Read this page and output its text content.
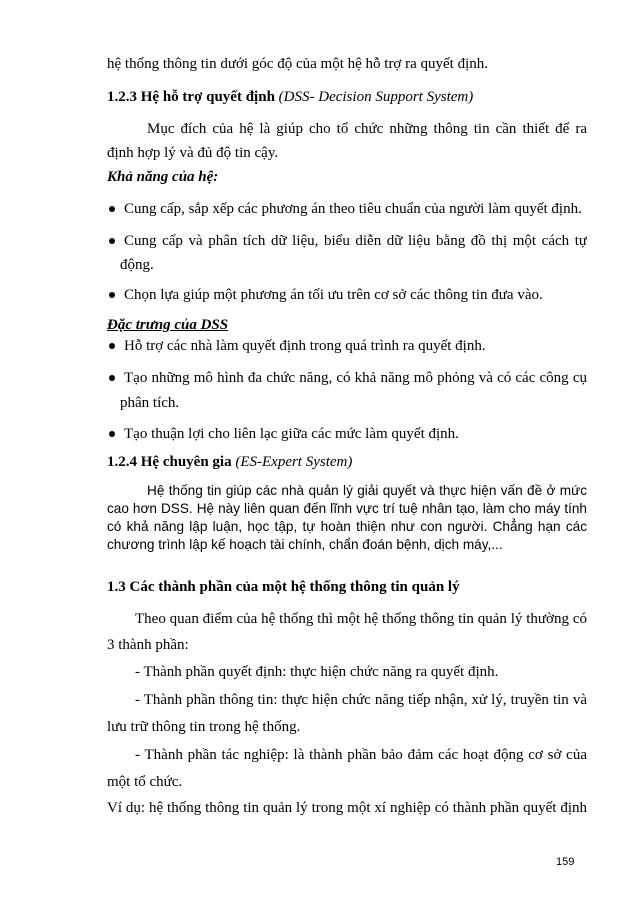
hệ thống thông tin dưới góc độ của một hệ hỗ trợ ra quyết định.
1.2.3 Hệ hỗ trợ quyết định (DSS- Decision Support System)
Mục đích của hệ là giúp cho tổ chức những thông tin cần thiết để ra
định hợp lý và đủ độ tin cậy.
Khả năng của hệ:
Cung cấp, sắp xếp các phương án theo tiêu chuẩn của người làm quyết định.
Cung cấp và phân tích dữ liệu, biểu diễn dữ liệu bằng đồ thị một cách tự
động.
Chọn lựa giúp một phương án tối ưu trên cơ sở các thông tin đưa vào.
Đặc trưng của DSS
Hỗ trợ các nhà làm quyết định trong quá trình ra quyết định.
Tạo những mô hình đa chức năng, có khả năng mô phỏng và có các công cụ
phân tích.
Tạo thuận lợi cho liên lạc giữa các mức làm quyết định.
1.2.4 Hệ chuyên gia (ES-Expert System)
Hệ thống tin giúp các nhà quản lý giải quyết và thực hiện vấn đề ở mức
cao hơn DSS. Hệ này liên quan đến lĩnh vực trí tuệ nhân tạo, làm cho máy tính
có khả năng lập luận, học tập, tự hoàn thiện như con người. Chẳng hạn các
chương trình lập kế hoạch tài chính, chẩn đoán bệnh, dịch máy,...
1.3 Các thành phần của một hệ thống thông tin quản lý
Theo quan điểm của hệ thống thì một hệ thống thông tin quản lý thường có
3 thành phần:
- Thành phần quyết định: thực hiện chức năng ra quyết định.
- Thành phần thông tin: thực hiện chức năng tiếp nhận, xử lý, truyền tin và
lưu trữ thông tin trong hệ thống.
- Thành phần tác nghiệp: là thành phần bảo đảm các hoạt động cơ sở của
một tổ chức.
Ví dụ: hệ thống thông tin quản lý trong một xí nghiệp có thành phần quyết định
159
